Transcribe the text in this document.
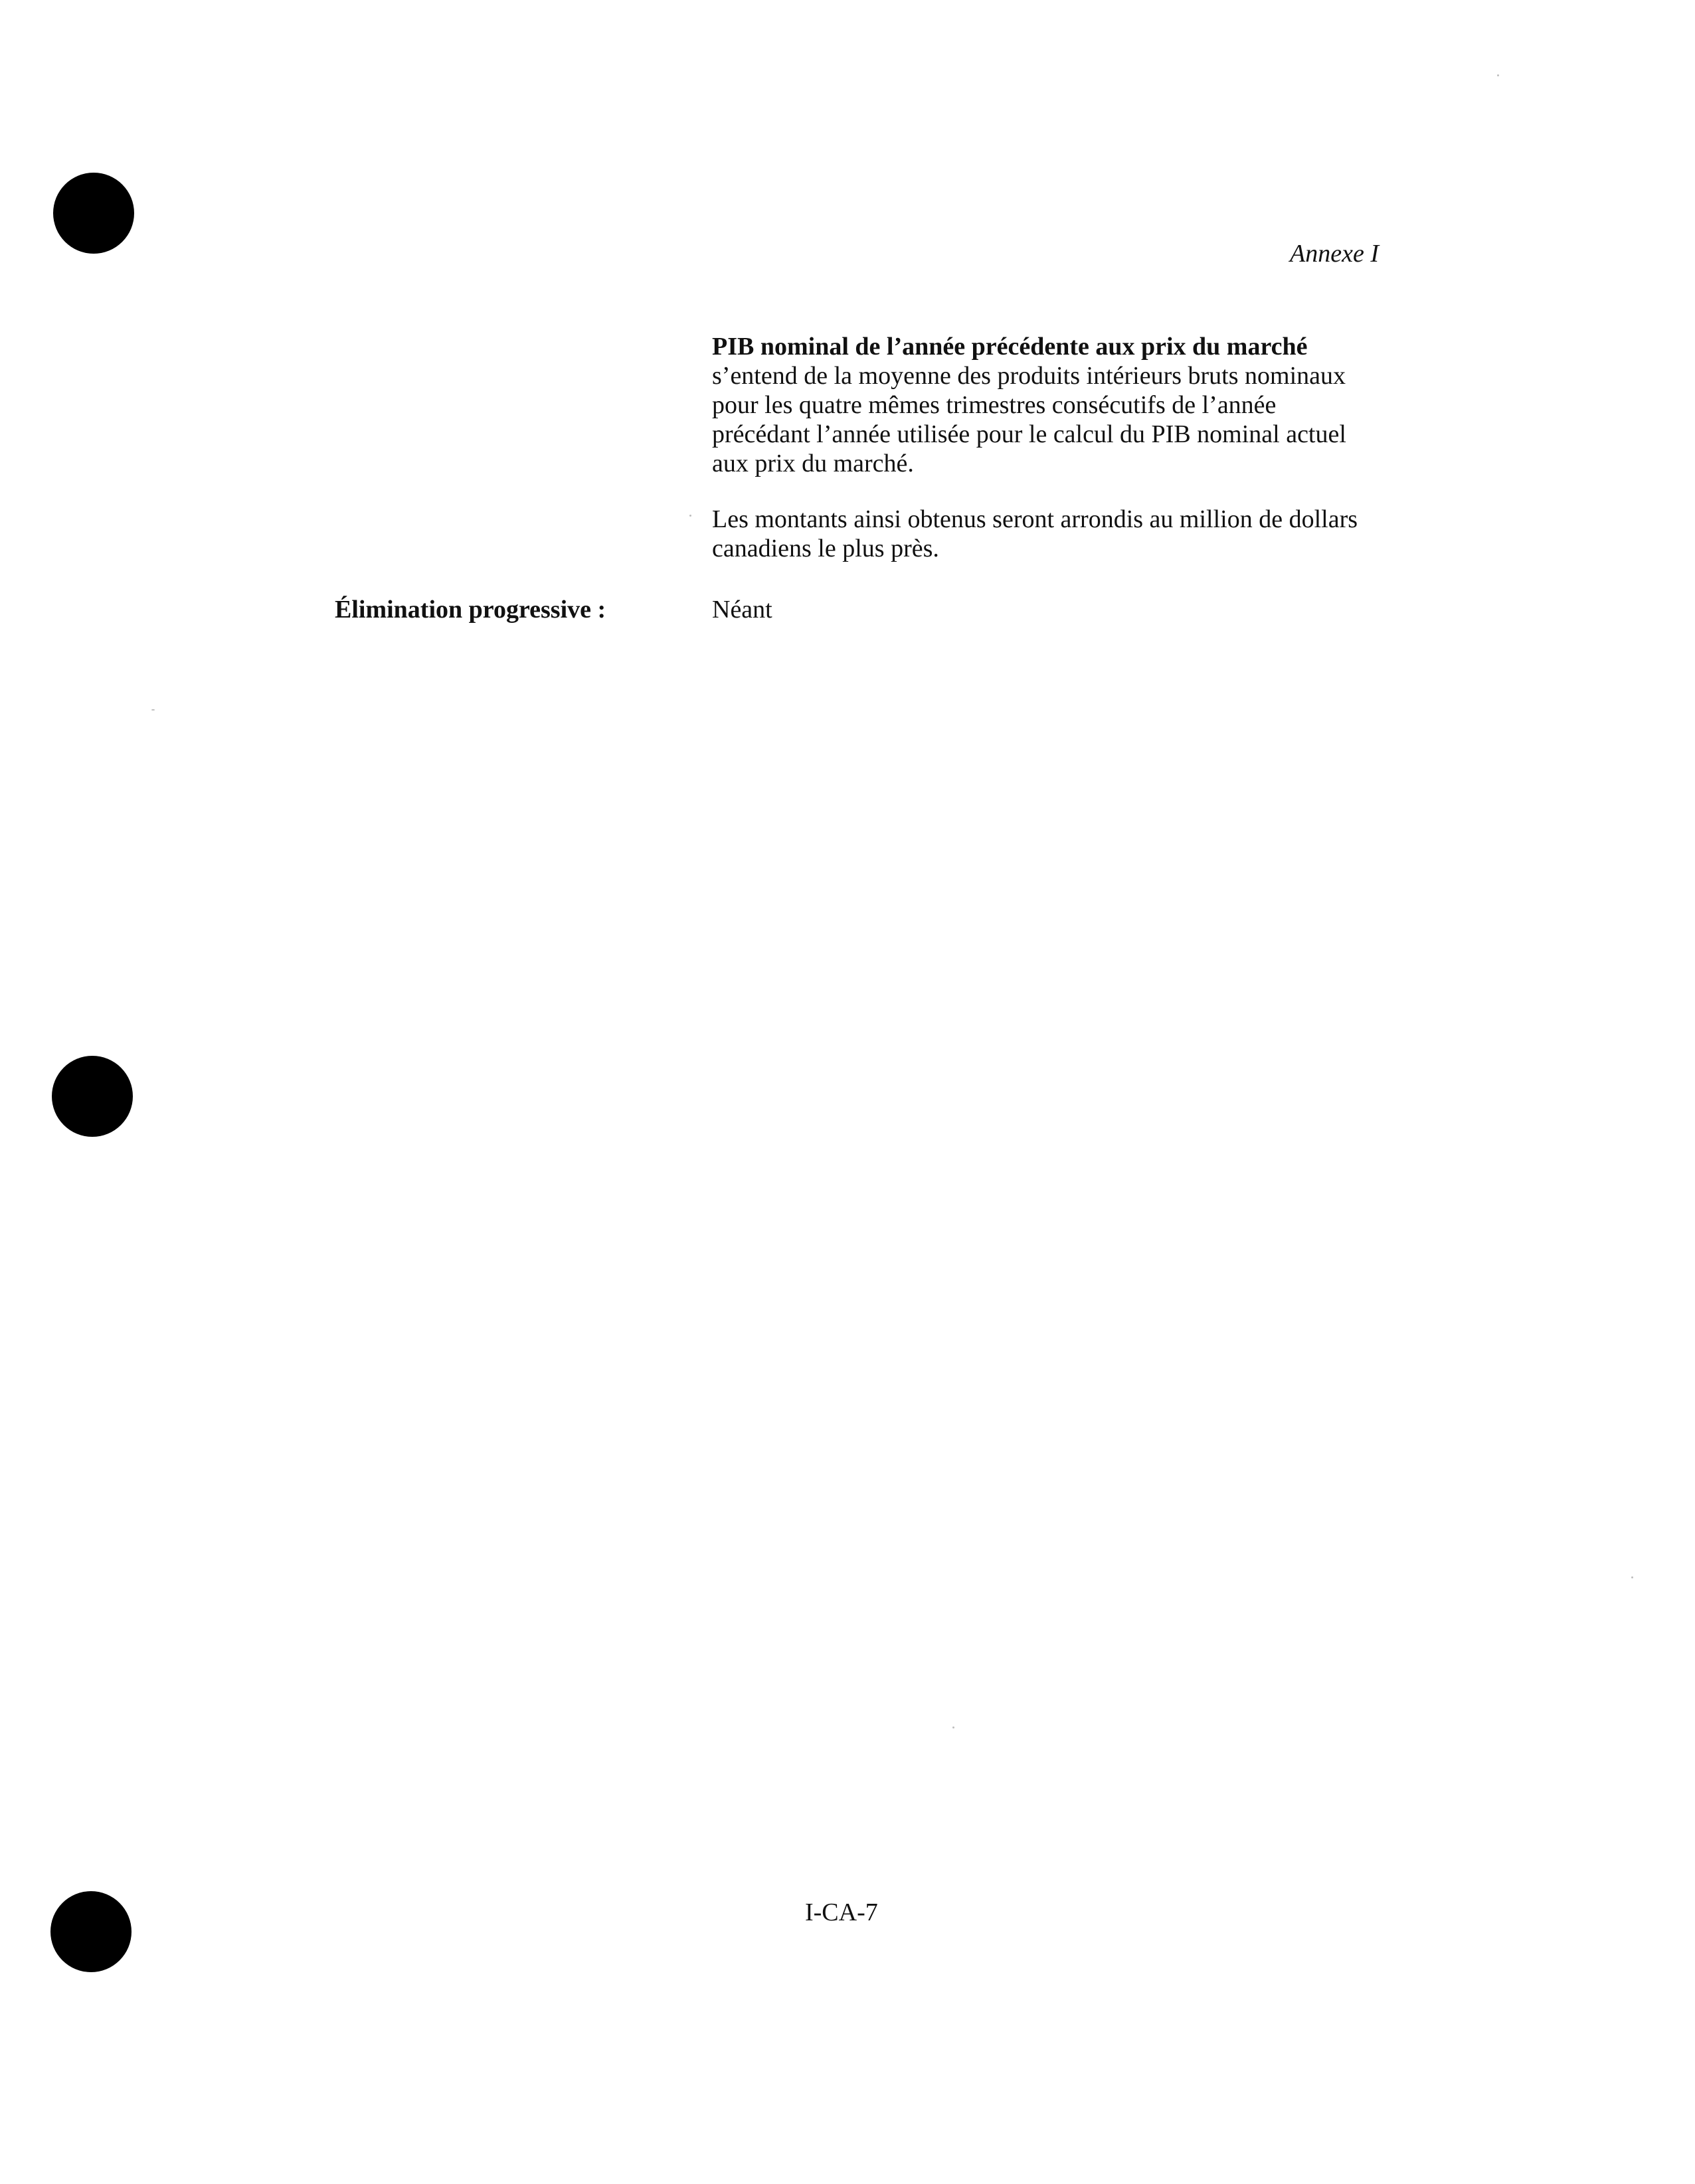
Annexe I

PIB nominal de l’année précédente aux prix du marché
s’entend de la moyenne des produits intérieurs bruts nominaux pour les quatre mêmes trimestres consécutifs de l’année précédant l’année utilisée pour le calcul du PIB nominal actuel aux prix du marché.

Les montants ainsi obtenus seront arrondis au million de dollars canadiens le plus près.

Élimination progressive :	Néant
I-CA-7
